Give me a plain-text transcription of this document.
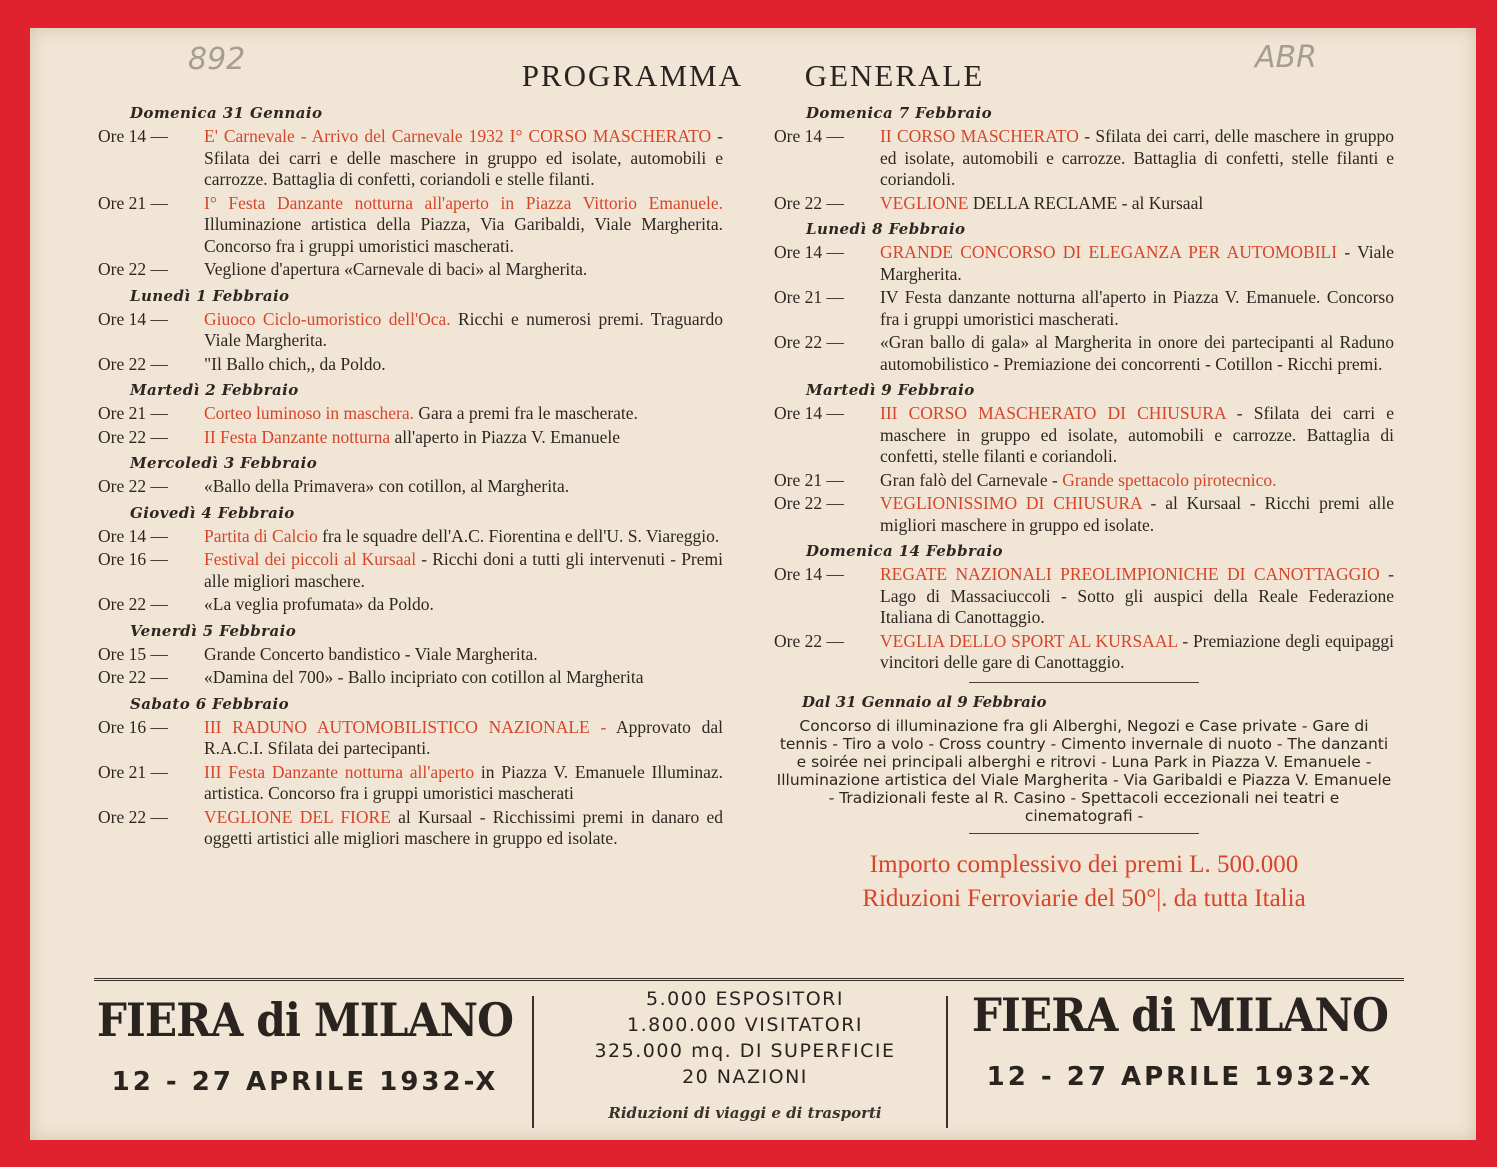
892	ABR
PROGRAMMA GENERALE
Domenica 31 Gennaio
Ore 14 —	E' Carnevale - Arrivo del Carnevale 1932 I° CORSO MASCHERATO - Sfilata dei carri e delle maschere in gruppo ed isolate, automobili e carrozze. Battaglia di confetti, coriandoli e stelle filanti.
Ore 21 —	I° Festa Danzante notturna all'aperto in Piazza Vittorio Emanuele. Illuminazione artistica della Piazza, Via Garibaldi, Viale Margherita. Concorso fra i gruppi umoristici mascherati.
Ore 22 —	Veglione d'apertura «Carnevale di baci» al Margherita.
Lunedì 1 Febbraio
Ore 14 —	Giuoco Ciclo-umoristico dell'Oca. Ricchi e numerosi premi. Traguardo Viale Margherita.
Ore 22 —	"Il Ballo chich,, da Poldo.
Martedì 2 Febbraio
Ore 21 —	Corteo luminoso in maschera. Gara a premi fra le mascherate.
Ore 22 —	II Festa Danzante notturna all'aperto in Piazza V. Emanuele
Mercoledì 3 Febbraio
Ore 22 —	«Ballo della Primavera» con cotillon, al Margherita.
Giovedì 4 Febbraio
Ore 14 —	Partita di Calcio fra le squadre dell'A.C. Fiorentina e dell'U. S. Viareggio.
Ore 16 —	Festival dei piccoli al Kursaal - Ricchi doni a tutti gli intervenuti - Premi alle migliori maschere.
Ore 22 —	«La veglia profumata» da Poldo.
Venerdì 5 Febbraio
Ore 15 —	Grande Concerto bandistico - Viale Margherita.
Ore 22 —	«Damina del 700» - Ballo incipriato con cotillon al Margherita
Sabato 6 Febbraio
Ore 16 —	III RADUNO AUTOMOBILISTICO NAZIONALE - Approvato dal R.A.C.I. Sfilata dei partecipanti.
Ore 21 —	III Festa Danzante notturna all'aperto in Piazza V. Emanuele Illuminaz. artistica. Concorso fra i gruppi umoristici mascherati
Ore 22 —	VEGLIONE DEL FIORE al Kursaal - Ricchissimi premi in danaro ed oggetti artistici alle migliori maschere in gruppo ed isolate.
Domenica 7 Febbraio
Ore 14 —	II CORSO MASCHERATO - Sfilata dei carri, delle maschere in gruppo ed isolate, automobili e carrozze. Battaglia di confetti, stelle filanti e coriandoli.
Ore 22 —	VEGLIONE DELLA RECLAME - al Kursaal
Lunedì 8 Febbraio
Ore 14 —	GRANDE CONCORSO DI ELEGANZA PER AUTOMOBILI - Viale Margherita.
Ore 21 —	IV Festa danzante notturna all'aperto in Piazza V. Emanuele. Concorso fra i gruppi umoristici mascherati.
Ore 22 —	«Gran ballo di gala» al Margherita in onore dei partecipanti al Raduno automobilistico - Premiazione dei concorrenti - Cotillon - Ricchi premi.
Martedì 9 Febbraio
Ore 14 —	III CORSO MASCHERATO DI CHIUSURA - Sfilata dei carri e maschere in gruppo ed isolate, automobili e carrozze. Battaglia di confetti, stelle filanti e coriandoli.
Ore 21 —	Gran falò del Carnevale - Grande spettacolo pirotecnico.
Ore 22 —	VEGLIONISSIMO DI CHIUSURA - al Kursaal - Ricchi premi alle migliori maschere in gruppo ed isolate.
Domenica 14 Febbraio
Ore 14 —	REGATE NAZIONALI PREOLIMPIONICHE DI CANOTTAGGIO - Lago di Massaciuccoli - Sotto gli auspici della Reale Federazione Italiana di Canottaggio.
Ore 22 —	VEGLIA DELLO SPORT AL KURSAAL - Premiazione degli equipaggi vincitori delle gare di Canottaggio.
Dal 31 Gennaio al 9 Febbraio
Concorso di illuminazione fra gli Alberghi, Negozi e Case private - Gare di tennis - Tiro a volo - Cross country - Cimento invernale di nuoto - The danzanti e soirée nei principali alberghi e ritrovi - Luna Park in Piazza V. Emanuele - Illuminazione artistica del Viale Margherita - Via Garibaldi e Piazza V. Emanuele - Tradizionali feste al R. Casino - Spettacoli eccezionali nei teatri e cinematografi -
Importo complessivo dei premi L. 500.000
Riduzioni Ferroviarie del 50°|. da tutta Italia
FIERA di MILANO
12 - 27 APRILE 1932-X
5.000 ESPOSITORI
1.800.000 VISITATORI
325.000 mq. DI SUPERFICIE
20 NAZIONI
Riduzioni di viaggi e di trasporti
FIERA di MILANO
12 - 27 APRILE 1932-X
